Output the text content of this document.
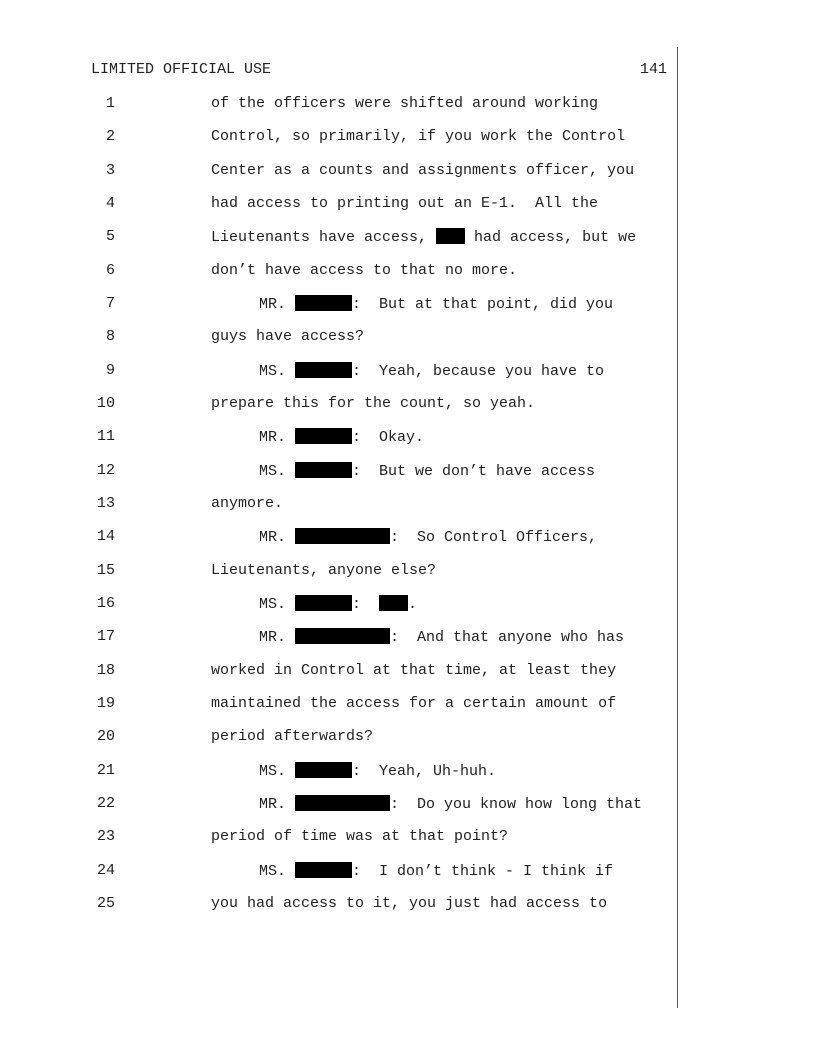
LIMITED OFFICIAL USE	141
1	of the officers were shifted around working
2	Control, so primarily, if you work the Control
3	Center as a counts and assignments officer, you
4	had access to printing out an E-1.  All the
5	Lieutenants have access,  had access, but we
6	don’t have access to that no more.
7	MR.	:  But at that point, did you
8	guys have access?
9	MS.	:  Yeah, because you have to
10	prepare this for the count, so yeah.
11	MR.	:  Okay.
12	MS.	:  But we don’t have access
13	anymore.
14	MR.	:  So Control Officers,
15	Lieutenants, anyone else?
16	MS.	:  .
17	MR.	:  And that anyone who has
18	worked in Control at that time, at least they
19	maintained the access for a certain amount of
20	period afterwards?
21	MS.	:  Yeah, Uh-huh.
22	MR.	:  Do you know how long that
23	period of time was at that point?
24	MS.	:  I don’t think - I think if
25	you had access to it, you just had access to
